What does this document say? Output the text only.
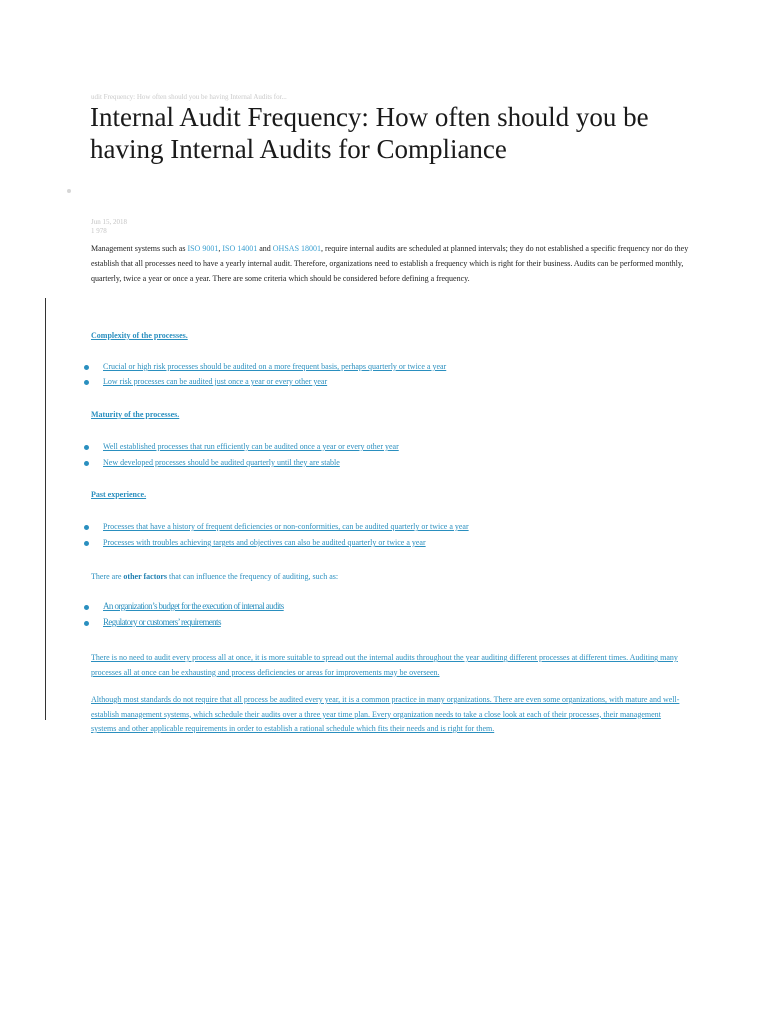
udit Frequency: How often should you be having Internal Audits for...
Internal Audit Frequency: How often should you be having Internal Audits for Compliance
Jun 15, 2018
1 978
Management systems such as ISO 9001, ISO 14001 and OHSAS 18001, require internal audits are scheduled at planned intervals; they do not established a specific frequency nor do they establish that all processes need to have a yearly internal audit. Therefore, organizations need to establish a frequency which is right for their business. Audits can be performed monthly, quarterly, twice a year or once a year. There are some criteria which should be considered before defining a frequency.
Complexity of the processes.
Crucial or high risk processes should be audited on a more frequent basis, perhaps quarterly or twice a year
Low risk processes can be audited just once a year or every other year
Maturity of the processes.
Well established processes that run efficiently can be audited once a year or every other year
New developed processes should be audited quarterly until they are stable
Past experience.
Processes that have a history of frequent deficiencies or non-conformities, can be audited quarterly or twice a year
Processes with troubles achieving targets and objectives can also be audited quarterly or twice a year
There are other factors that can influence the frequency of auditing, such as:
An organization’s budget for the execution of internal audits
Regulatory or customers’ requirements
There is no need to audit every process all at once, it is more suitable to spread out the internal audits throughout the year auditing different processes at different times. Auditing many processes all at once can be exhausting and process deficiencies or areas for improvements may be overseen.
Although most standards do not require that all process be audited every year, it is a common practice in many organizations. There are even some organizations, with mature and well-establish management systems, which schedule their audits over a three year time plan. Every organization needs to take a close look at each of their processes, their management systems and other applicable requirements in order to establish a rational schedule which fits their needs and is right for them.
